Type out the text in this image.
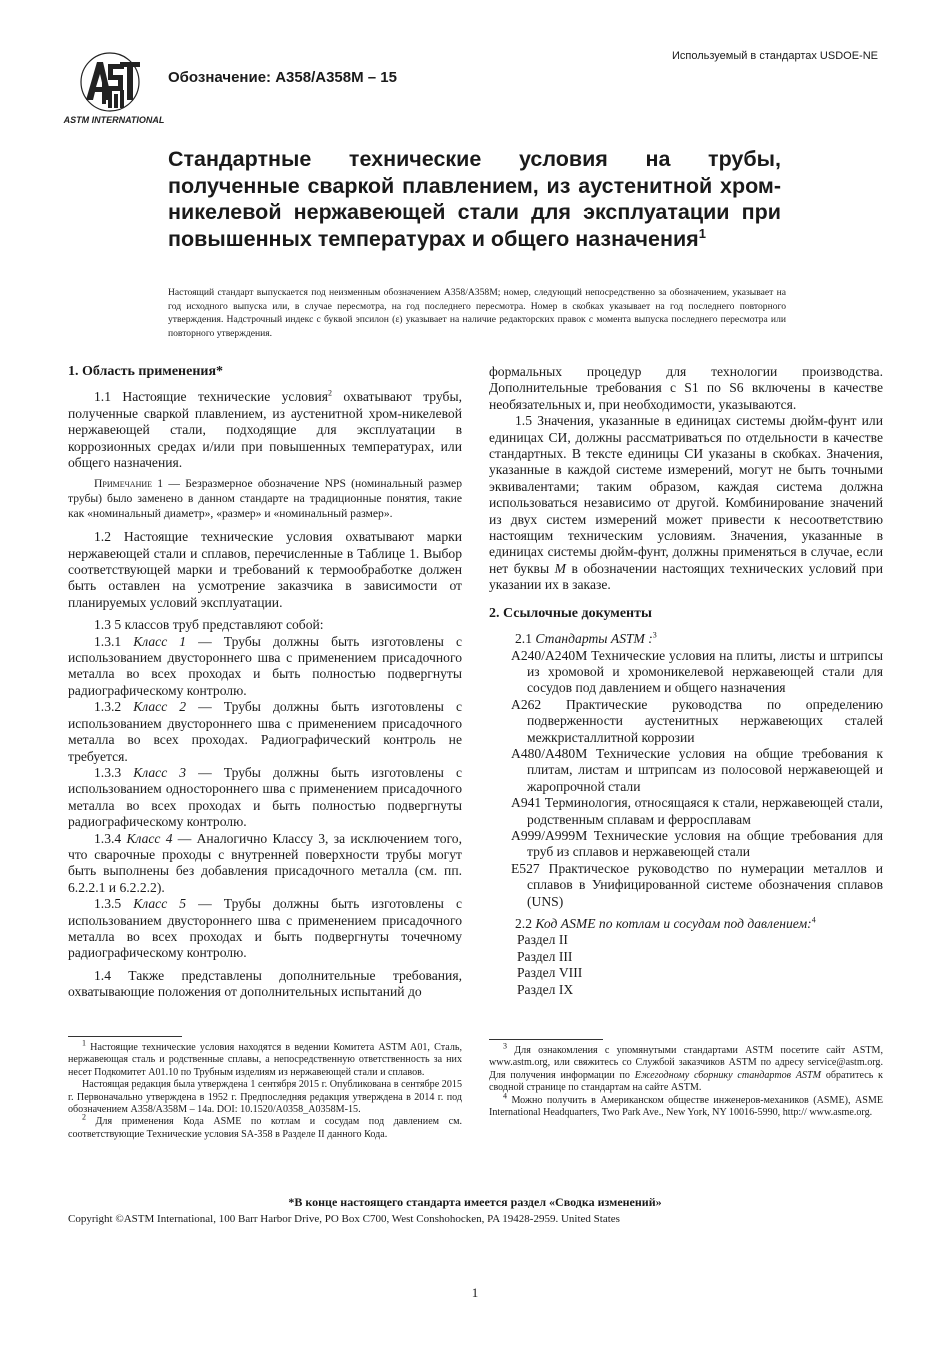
Используемый в стандартах USDOE-NE
ASTM INTERNATIONAL
Обозначение: A358/A358M – 15
Стандартные технические условия на трубы, полученные сваркой плавлением, из аустенитной хром-никелевой нержавеющей стали для эксплуатации при повышенных температурах и общего назначения$^1$
Настоящий стандарт выпускается под неизменным обозначением A358/A358M; номер, следующий непосредственно за обозначением, указывает на год исходного выпуска или, в случае пересмотра, на год последнего пересмотра. Номер в скобках указывает на год последнего повторного утверждения. Надстрочный индекс с буквой эпсилон (ε) указывает на наличие редакторских правок с момента выпуска последнего пересмотра или повторного утверждения.

1. Область применения*

1.1 Настоящие технические условия$^2$ охватывают трубы, полученные сваркой плавлением, из аустенитной хром-никелевой нержавеющей стали, подходящие для эксплуатации в коррозионных средах и/или при повышенных температурах, или общего назначения.

Примечание 1 — Безразмерное обозначение NPS (номинальный размер трубы) было заменено в данном стандарте на традиционные понятия, такие как «номинальный диаметр», «размер» и «номинальный размер».

1.2 Настоящие технические условия охватывают марки нержавеющей стали и сплавов, перечисленные в Таблице 1. Выбор соответствующей марки и требований к термообработке должен быть оставлен на усмотрение заказчика в зависимости от планируемых условий эксплуатации.

1.3 5 классов труб представляют собой:

1.3.1 Класс 1 — Трубы должны быть изготовлены с использованием двустороннего шва с применением присадочного металла во всех проходах и быть полностью подвергнуты радиографическому контролю.

1.3.2 Класс 2 — Трубы должны быть изготовлены с использованием двустороннего шва с применением присадочного металла во всех проходах. Радиографический контроль не требуется.

1.3.3 Класс 3 — Трубы должны быть изготовлены с использованием одностороннего шва с применением присадочного металла во всех проходах и быть полностью подвергнуты радиографическому контролю.

1.3.4 Класс 4 — Аналогично Классу 3, за исключением того, что сварочные проходы с внутренней поверхности трубы могут быть выполнены без добавления присадочного металла (см. пп. 6.2.2.1 и 6.2.2.2).

1.3.5 Класс 5 — Трубы должны быть изготовлены с использованием двустороннего шва с применением присадочного металла во всех проходах и быть подвергнуты точечному радиографическому контролю.

1.4 Также представлены дополнительные требования, охватывающие положения от дополнительных испытаний до

формальных процедур для технологии производства. Дополнительные требования с S1 по S6 включены в качестве необязательных и, при необходимости, указываются.

1.5 Значения, указанные в единицах системы дюйм-фунт или единицах СИ, должны рассматриваться по отдельности в качестве стандартных. В тексте единицы СИ указаны в скобках. Значения, указанные в каждой системе измерений, могут не быть точными эквивалентами; таким образом, каждая система должна использоваться независимо от другой. Комбинирование значений из двух систем измерений может привести к несоответствию настоящим техническим условиям. Значения, указанные в единицах системы дюйм-фунт, должны применяться в случае, если нет буквы M в обозначении настоящих технических условий при указании их в заказе.

2. Ссылочные документы

2.1 Стандарты ASTM :$^3$

A240/A240M Технические условия на плиты, листы и штрипсы из хромовой и хромоникелевой нержавеющей стали для сосудов под давлением и общего назначения

A262 Практические руководства по определению подверженности аустенитных нержавеющих сталей межкристаллитной коррозии

A480/A480M Технические условия на общие требования к плитам, листам и штрипсам из полосовой нержавеющей и жаропрочной стали

A941 Терминология, относящаяся к стали, нержавеющей стали, родственным сплавам и ферросплавам

A999/A999M Технические условия на общие требования для труб из сплавов и нержавеющей стали

E527 Практическое руководство по нумерации металлов и сплавов в Унифицированной системе обозначения сплавов (UNS)

2.2 Код ASME по котлам и сосудам под давлением:$^4$

Раздел II

Раздел III

Раздел VIII

Раздел IX

$^1$ Настоящие технические условия находятся в ведении Комитета ASTM A01, Сталь, нержавеющая сталь и родственные сплавы, а непосредственную ответственность за них несет Подкомитет A01.10 по Трубным изделиям из нержавеющей стали и сплавов.

Настоящая редакция была утверждена 1 сентября 2015 г. Опубликована в сентябре 2015 г. Первоначально утверждена в 1952 г. Предпоследняя редакция утверждена в 2014 г. под обозначением A358/A358M – 14a. DOI: 10.1520/A0358_A0358M-15.

$^2$ Для применения Кода ASME по котлам и сосудам под давлением см. соответствующие Технические условия SA-358 в Разделе II данного Кода.

$^3$ Для ознакомления с упомянутыми стандартами ASTM посетите сайт ASTM, www.astm.org, или свяжитесь со Службой заказчиков ASTM по адресу service@astm.org. Для получения информации по Ежегодному сборнику стандартов ASTM обратитесь к сводной странице по стандартам на сайте ASTM.

$^4$ Можно получить в Американском обществе инженеров-механиков (ASME), ASME International Headquarters, Two Park Ave., New York, NY 10016-5990, http:// www.asme.org.

*В конце настоящего стандарта имеется раздел «Сводка изменений»
Copyright ©ASTM International, 100 Barr Harbor Drive, PO Box C700, West Conshohocken, PA 19428-2959. United States
1
